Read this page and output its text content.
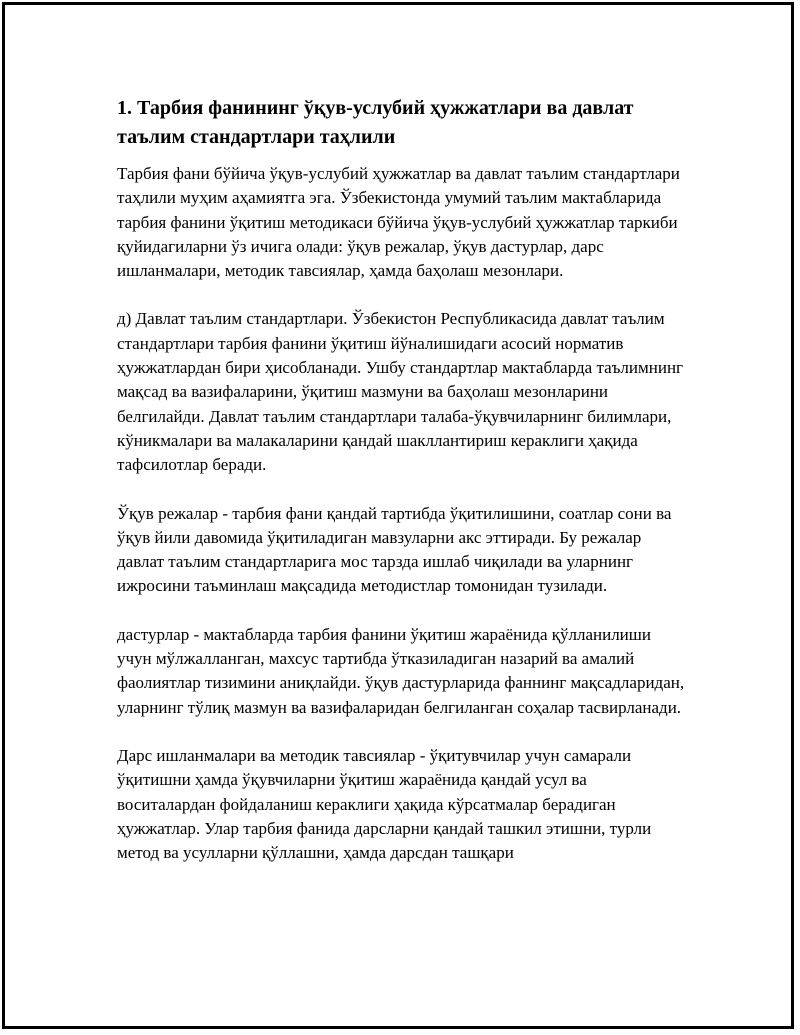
1. Тарбия фанининг ўқув-услубий ҳужжатлари ва давлат таълим стандартлари таҳлили

Тарбия фани бўйича ўқув-услубий ҳужжатлар ва давлат таълим стандартлари таҳлили муҳим аҳамиятга эга. Ўзбекистонда умумий таълим мактабларида тарбия фанини ўқитиш методикаси бўйича ўқув-услубий ҳужжатлар таркиби қуйидагиларни ўз ичига олади: ўқув режалар, ўқув дастурлар, дарс ишланмалари, методик тавсиялар, ҳамда баҳолаш мезонлари.

д) Давлат таълим стандартлари. Ўзбекистон Республикасида давлат таълим стандартлари тарбия фанини ўқитиш йўналишидаги асосий норматив ҳужжатлардан бири ҳисобланади. Ушбу стандартлар мактабларда таълимнинг мақсад ва вазифаларини, ўқитиш мазмуни ва баҳолаш мезонларини белгилайди. Давлат таълим стандартлари талаба-ўқувчиларнинг билимлари, кўникмалари ва малакаларини қандай шакллантириш кераклиги ҳақида тафсилотлар беради.

Ўқув режалар - тарбия фани қандай тартибда ўқитилишини, соатлар сони ва ўқув йили давомида ўқитиладиган мавзуларни акс эттиради. Бу режалар давлат таълим стандартларига мос тарзда ишлаб чиқилади ва уларнинг ижросини таъминлаш мақсадида методистлар томонидан тузилади.

дастурлар - мактабларда тарбия фанини ўқитиш жараёнида қўлланилиши учун мўлжалланган, махсус тартибда ўтказиладиган назарий ва амалий фаолиятлар тизимини аниқлайди. ўқув дастурларида фаннинг мақсадларидан, уларнинг тўлиқ мазмун ва вазифаларидан белгиланган соҳалар тасвирланади.

Дарс ишланмалари ва методик тавсиялар - ўқитувчилар учун самарали ўқитишни ҳамда ўқувчиларни ўқитиш жараёнида қандай усул ва воситалардан фойдаланиш кераклиги ҳақида кўрсатмалар берадиган ҳужжатлар. Улар тарбия фанида дарсларни қандай ташкил этишни, турли метод ва усулларни қўллашни, ҳамда дарсдан ташқари
